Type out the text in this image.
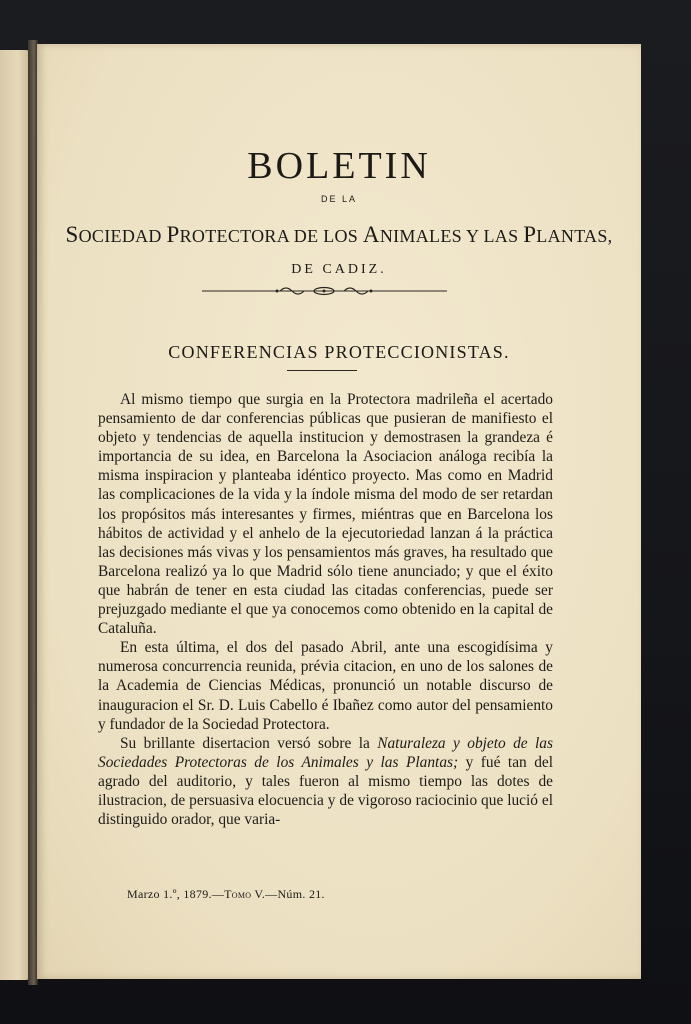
BOLETIN
DE LA
SOCIEDAD PROTECTORA DE LOS ANIMALES Y LAS PLANTAS,
DE CADIZ.
CONFERENCIAS PROTECCIONISTAS.

Al mismo tiempo que surgia en la Protectora madrileña el acertado pensamiento de dar conferencias públicas que pusieran de manifiesto el objeto y tendencias de aquella institucion y demostrasen la grandeza é importancia de su idea, en Barcelona la Asociacion análoga recibía la misma inspiracion y planteaba idéntico proyecto. Mas como en Madrid las complicaciones de la vida y la índole misma del modo de ser retardan los propósitos más interesantes y firmes, miéntras que en Barcelona los hábitos de actividad y el anhelo de la ejecutoriedad lanzan á la práctica las decisiones más vivas y los pensamientos más graves, ha resultado que Barcelona realizó ya lo que Madrid sólo tiene anunciado; y que el éxito que habrán de tener en esta ciudad las citadas conferencias, puede ser prejuzgado mediante el que ya conocemos como obtenido en la capital de Cataluña.

En esta última, el dos del pasado Abril, ante una escogidísima y numerosa concurrencia reunida, prévia citacion, en uno de los salones de la Academia de Ciencias Médicas, pronunció un notable discurso de inauguracion el Sr. D. Luis Cabello é Ibañez como autor del pensamiento y fundador de la Sociedad Protectora.

Su brillante disertacion versó sobre la Naturaleza y objeto de las Sociedades Protectoras de los Animales y las Plantas; y fué tan del agrado del auditorio, y tales fueron al mismo tiempo las dotes de ilustracion, de persuasiva elocuencia y de vigoroso raciocinio que lució el distinguido orador, que varia-

Marzo 1.º, 1879.—Tomo V.—Núm. 21.
